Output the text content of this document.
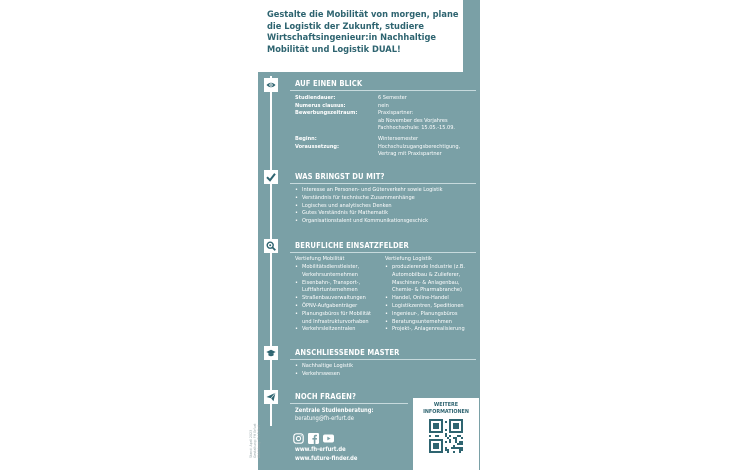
Gestalte die Mobilität von morgen, plane die Logistik der Zukunft, studiere Wirtschaftsingenieur:in Nachhaltige Mobilität und Logistik DUAL!

AUF EINEN BLICK
Studiendauer:	6 Semester
Numerus clausus:	nein
Bewerbungszeitraum:	Praxispartner:
ab November des Vorjahres
Fachhochschule: 15.05.-15.09.
Beginn:	Wintersemester
Voraussetzung:	Hochschulzugangsberechtigung,
Vertrag mit Praxispartner
WAS BRINGST DU MIT?
• Interesse an Personen- und Güterverkehr sowie Logistik
• Verständnis für technische Zusammenhänge
• Logisches und analytisches Denken
• Gutes Verständnis für Mathematik
• Organisationstalent und Kommunikationsgeschick
BERUFLICHE EINSATZFELDER
Vertiefung Mobilität
• Mobilitätsdienstleister, Verkehrsunternehmen
• Eisenbahn-, Transport-, Luftfahrtunternehmen
• Straßenbauverwaltungen
• ÖPNV-Aufgabenträger
• Planungsbüros für Mobilität und Infrastrukturvorhaben
• Verkehrsleitzentralen
Vertiefung Logistik
• produzierende Industrie (z.B. Automobilbau & Zulieferer, Maschinen- & Anlagenbau, Chemie- & Pharmabranche)
• Handel, Online-Handel
• Logistikzentren, Speditionen
• Ingenieur-, Planungsbüros
• Beratungsunternehmen
• Projekt-, Anlagenrealisierung
ANSCHLIESSENDE MASTER
• Nachhaltige Logistik
• Verkehrswesen
NOCH FRAGEN?
Zentrale Studienberatung:
beratung@fh-erfurt.de
www.fh-erfurt.de
www.future-finder.de
Stand: April 2023 Gestaltung: FH Erfurt Abbildung: FH Erfurt
WEITERE
INFORMATIONEN
